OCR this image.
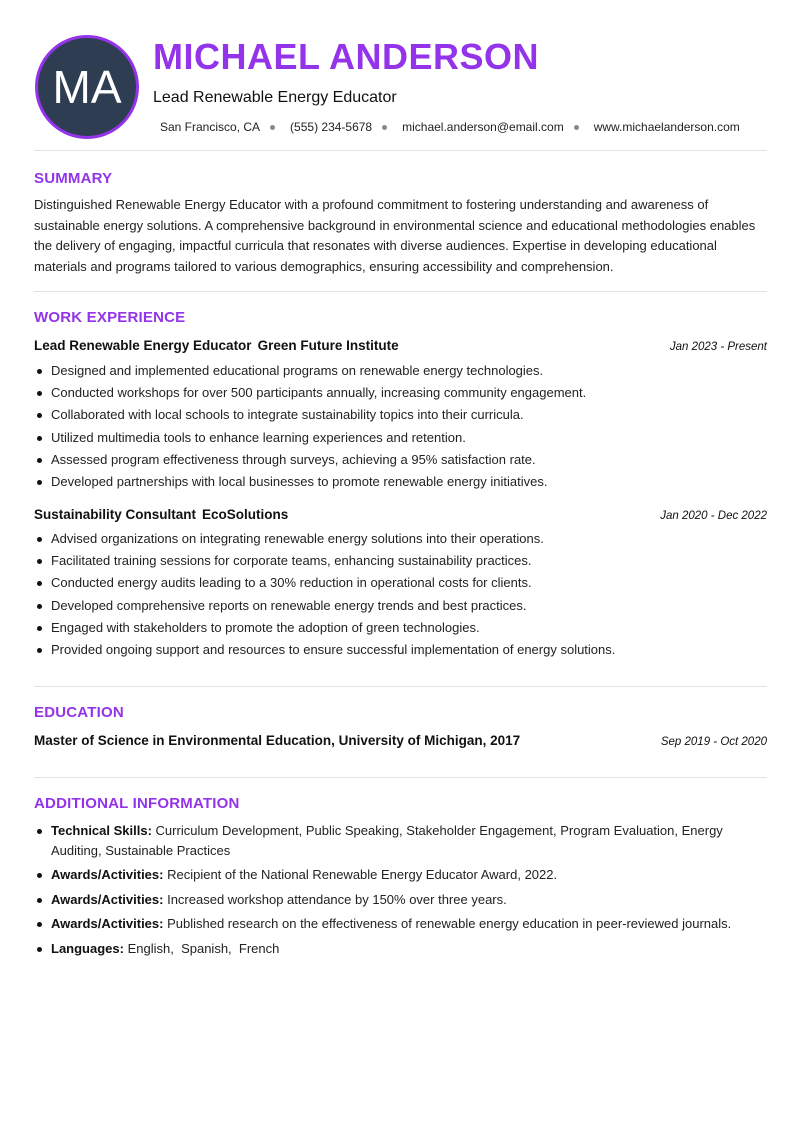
MA
MICHAEL ANDERSON
Lead Renewable Energy Educator
San Francisco, CA	(555) 234-5678	michael.anderson@email.com	www.michaelanderson.com
SUMMARY
Distinguished Renewable Energy Educator with a profound commitment to fostering understanding and awareness of sustainable energy solutions. A comprehensive background in environmental science and educational methodologies enables the delivery of engaging, impactful curricula that resonates with diverse audiences. Expertise in developing educational materials and programs tailored to various demographics, ensuring accessibility and comprehension.
WORK EXPERIENCE
Lead Renewable Energy Educator Green Future Institute	Jan 2023 - Present
Designed and implemented educational programs on renewable energy technologies.
Conducted workshops for over 500 participants annually, increasing community engagement.
Collaborated with local schools to integrate sustainability topics into their curricula.
Utilized multimedia tools to enhance learning experiences and retention.
Assessed program effectiveness through surveys, achieving a 95% satisfaction rate.
Developed partnerships with local businesses to promote renewable energy initiatives.
Sustainability Consultant EcoSolutions	Jan 2020 - Dec 2022
Advised organizations on integrating renewable energy solutions into their operations.
Facilitated training sessions for corporate teams, enhancing sustainability practices.
Conducted energy audits leading to a 30% reduction in operational costs for clients.
Developed comprehensive reports on renewable energy trends and best practices.
Engaged with stakeholders to promote the adoption of green technologies.
Provided ongoing support and resources to ensure successful implementation of energy solutions.
EDUCATION
Master of Science in Environmental Education, University of Michigan, 2017	Sep 2019 - Oct 2020
ADDITIONAL INFORMATION
Technical Skills: Curriculum Development, Public Speaking, Stakeholder Engagement, Program Evaluation, Energy Auditing, Sustainable Practices
Awards/Activities: Recipient of the National Renewable Energy Educator Award, 2022.
Awards/Activities: Increased workshop attendance by 150% over three years.
Awards/Activities: Published research on the effectiveness of renewable energy education in peer-reviewed journals.
Languages: English,  Spanish,  French
